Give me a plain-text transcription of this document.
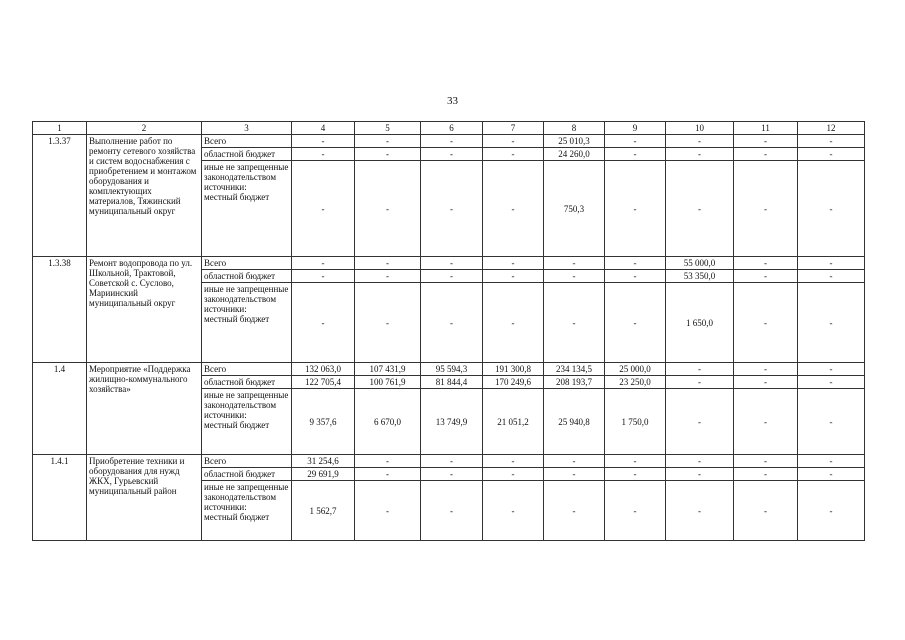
33
1	2	3	4	5	6	7	8	9	10	11	12
1.3.37	Выполнение работ по ремонту сетевого хозяйства и систем водоснабжения с приобретением и монтажом оборудования и комплектующих материалов, Тяжинский муниципальный округ	Всего	-	-	-	-	25 010,3	-	-	-	-
		областной бюджет	-	-	-	-	24 260,0	-	-	-	-

		иные не запрещенные законодательством источники:
местный бюджет	-	-	-	-	750,3	-	-	-	-
1.3.38	Ремонт водопровода по ул. Школьной, Трактовой, Советской с. Суслово, Мариинский муниципальный округ	Всего	-	-	-	-	-	-	55 000,0	-	-
		областной бюджет	-	-	-	-	-	-	53 350,0	-	-

		иные не запрещенные законодательством источники:
местный бюджет	-	-	-	-	-	-	1 650,0	-	-
1.4	Мероприятие «Поддержка жилищно-коммунального хозяйства»	Всего	132 063,0	107 431,9	95 594,3	191 300,8	234 134,5	25 000,0	-	-	-
		областной бюджет	122 705,4	100 761,9	81 844,4	170 249,6	208 193,7	23 250,0	-	-	-

		иные не запрещенные законодательством источники:
местный бюджет	9 357,6	6 670,0	13 749,9	21 051,2	25 940,8	1 750,0	-	-	-
1.4.1	Приобретение техники и оборудования для нужд ЖКХ, Гурьевский муниципальный район	Всего	31 254,6	-	-	-	-	-	-	-	-
		областной бюджет	29 691,9	-	-	-	-	-	-	-	-

		иные не запрещенные законодательством источники:
местный бюджет	1 562,7	-	-	-	-	-	-	-	-
